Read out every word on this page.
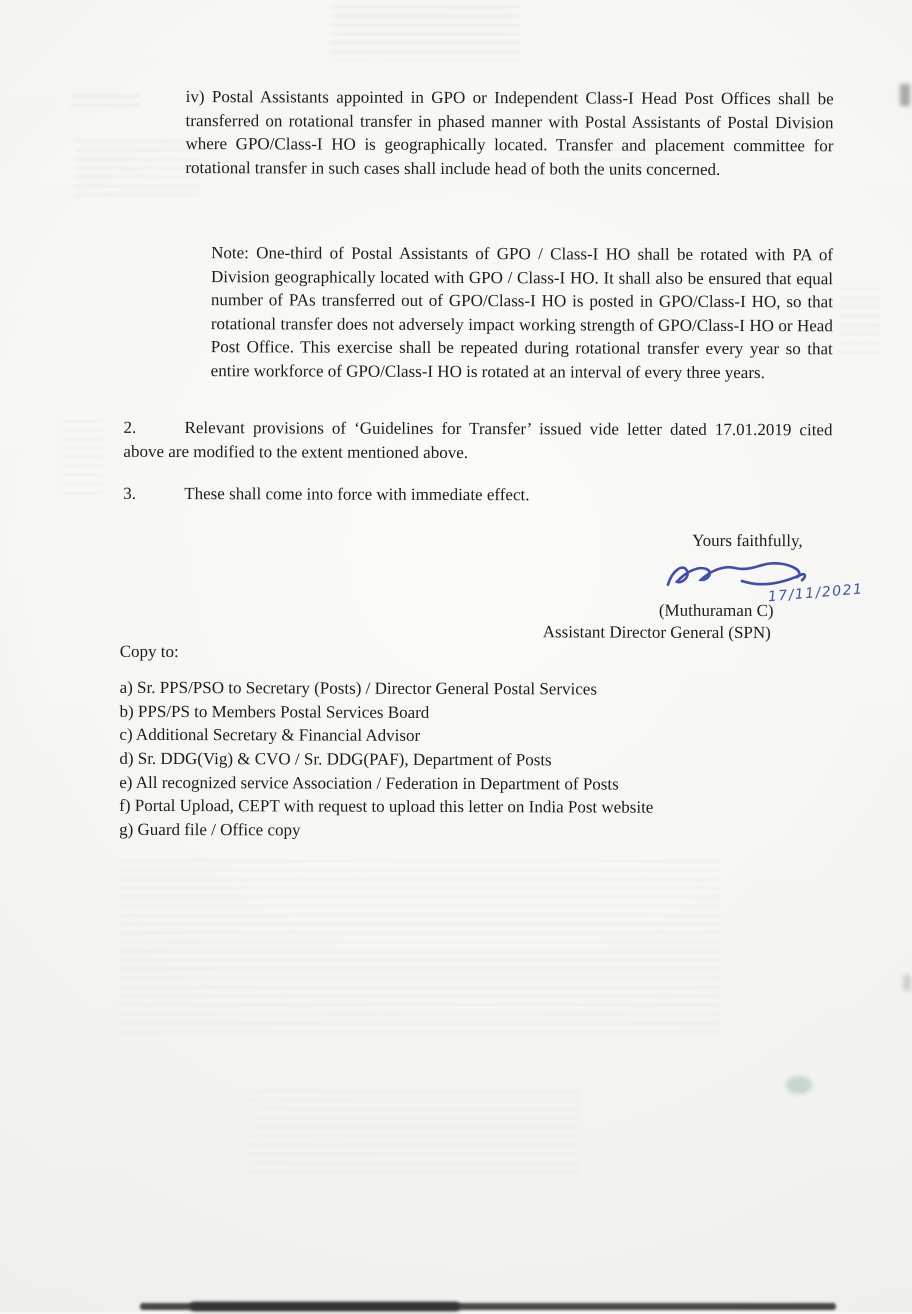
iv) Postal Assistants appointed in GPO or Independent Class-I Head Post Offices shall be transferred on rotational transfer in phased manner with Postal Assistants of Postal Division where GPO/Class-I HO is geographically located. Transfer and placement committee for rotational transfer in such cases shall include head of both the units concerned.
Note: One-third of Postal Assistants of GPO / Class-I HO shall be rotated with PA of Division geographically located with GPO / Class-I HO. It shall also be ensured that equal number of PAs transferred out of GPO/Class-I HO is posted in GPO/Class-I HO, so that rotational transfer does not adversely impact working strength of GPO/Class-I HO or Head Post Office. This exercise shall be repeated during rotational transfer every year so that entire workforce of GPO/Class-I HO is rotated at an interval of every three years.
2.	Relevant provisions of ‘Guidelines for Transfer’ issued vide letter dated 17.01.2019 cited above are modified to the extent mentioned above.
3.	These shall come into force with immediate effect.
Yours faithfully,
17/11/2021
(Muthuraman C)
Assistant Director General (SPN)
Copy to:
a) Sr. PPS/PSO to Secretary (Posts) / Director General Postal Services
b) PPS/PS to Members Postal Services Board
c) Additional Secretary & Financial Advisor
d) Sr. DDG(Vig) & CVO / Sr. DDG(PAF), Department of Posts
e) All recognized service Association / Federation in Department of Posts
f) Portal Upload, CEPT with request to upload this letter on India Post website
g) Guard file / Office copy
